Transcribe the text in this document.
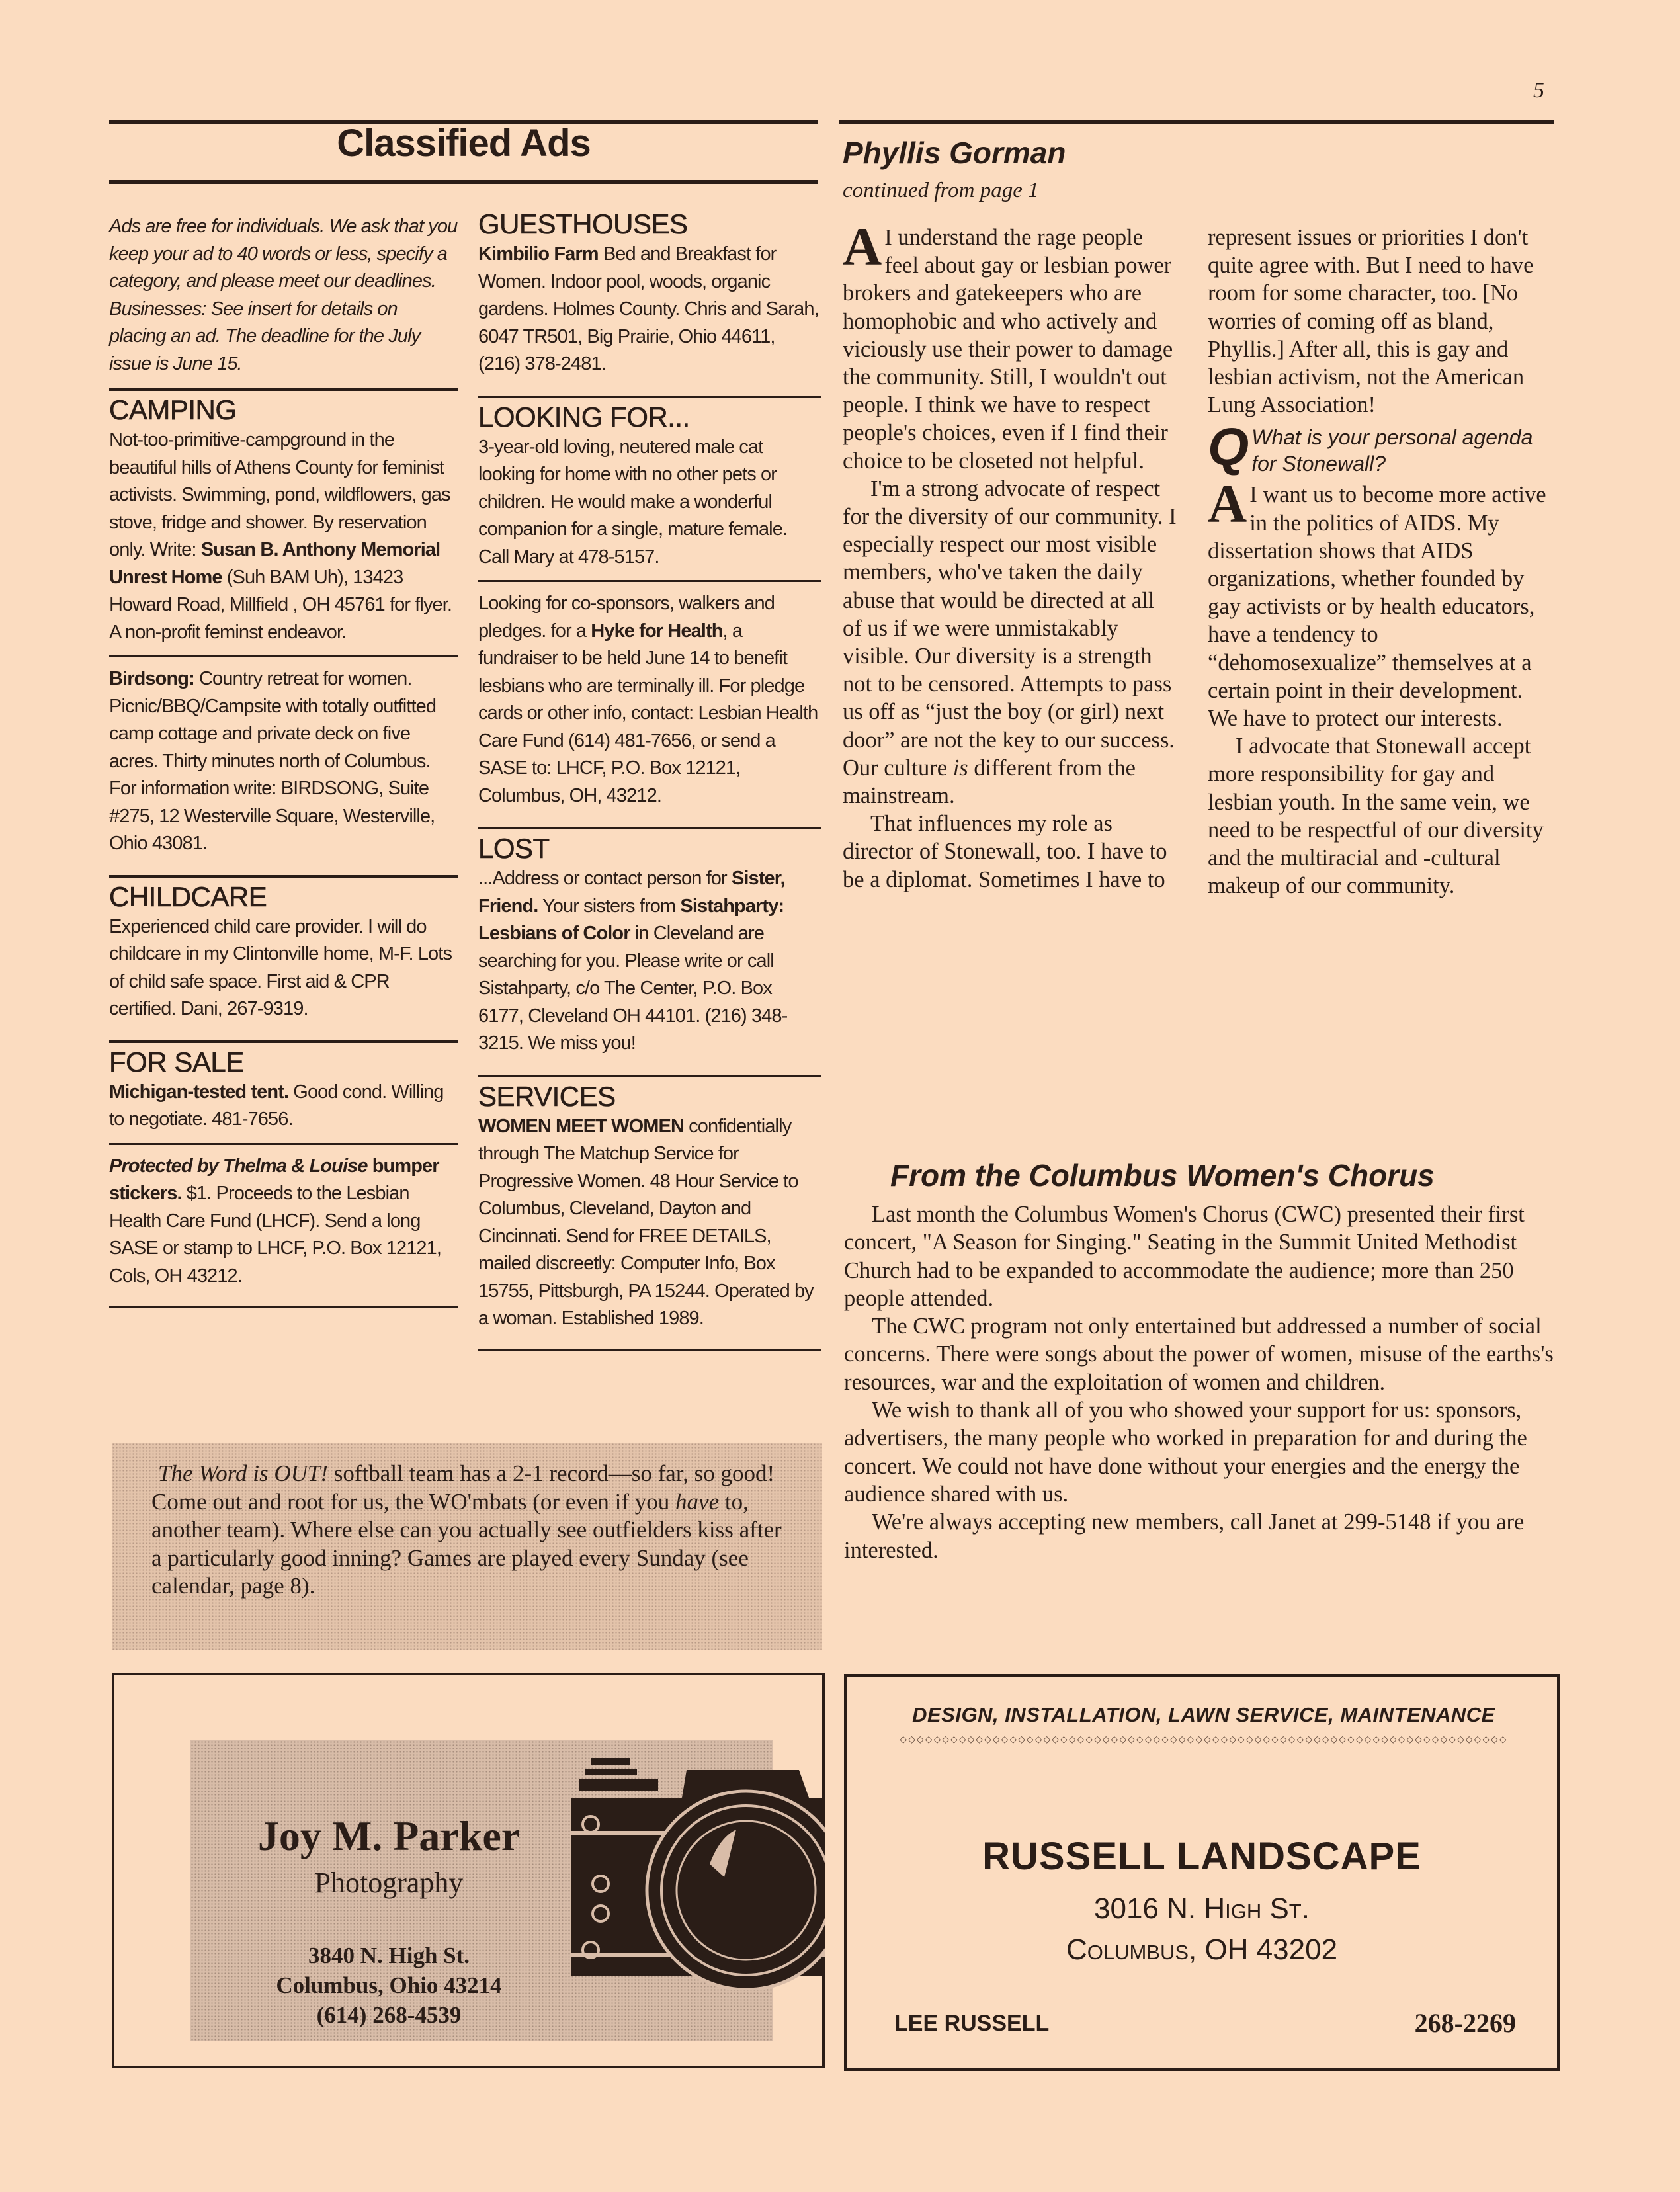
5
Classified Ads

Ads are free for individuals. We ask that you keep your ad to 40 words or less, specify a category, and please meet our deadlines.

Businesses: See insert for details on placing an ad. The deadline for the July issue is June 15.

CAMPING

Not-too-primitive-campground in the beautiful hills of Athens County for feminist activists. Swimming, pond, wildflowers, gas stove, fridge and shower. By reservation only. Write: Susan B. Anthony Memorial Unrest Home (Suh BAM Uh), 13423 Howard Road, Millfield , OH 45761 for flyer. A non-profit feminst endeavor.

Birdsong: Country retreat for women. Picnic/BBQ/Campsite with totally outfitted camp cottage and private deck on five acres. Thirty minutes north of Columbus. For information write: BIRDSONG, Suite #275, 12 Westerville Square, Westerville, Ohio 43081.

CHILDCARE

Experienced child care provider. I will do childcare in my Clintonville home, M-F. Lots of child safe space. First aid & CPR certified. Dani, 267-9319.

FOR SALE

Michigan-tested tent. Good cond. Willing to negotiate. 481-7656.

Protected by Thelma & Louise bumper stickers. $1. Proceeds to the Lesbian Health Care Fund (LHCF). Send a long SASE or stamp to LHCF, P.O. Box 12121, Cols, OH 43212.

GUESTHOUSES

Kimbilio Farm Bed and Breakfast for Women. Indoor pool, woods, organic gardens. Holmes County. Chris and Sarah, 6047 TR501, Big Prairie, Ohio 44611, (216) 378-2481.

LOOKING FOR...

3-year-old loving, neutered male cat looking for home with no other pets or children. He would make a wonderful companion for a single, mature female. Call Mary at 478-5157.

Looking for co-sponsors, walkers and pledges. for a Hyke for Health, a fundraiser to be held June 14 to benefit lesbians who are terminally ill. For pledge cards or other info, contact: Lesbian Health Care Fund (614) 481-7656, or send a SASE to: LHCF, P.O. Box 12121, Columbus, OH, 43212.

LOST

...Address or contact person for Sister, Friend. Your sisters from Sistahparty: Lesbians of Color in Cleveland are searching for you. Please write or call Sistahparty, c/o The Center, P.O. Box 6177, Cleveland OH 44101. (216) 348-3215. We miss you!

SERVICES

WOMEN MEET WOMEN confidentially through The Matchup Service for Progressive Women. 48 Hour Service to Columbus, Cleveland, Dayton and Cincinnati. Send for FREE DETAILS, mailed discreetly: Computer Info, Box 15755, Pittsburgh, PA 15244. Operated by a woman. Established 1989.

The Word is OUT! softball team has a 2-1 record—so far, so good! Come out and root for us, the WO'mbats (or even if you have to, another team). Where else can you actually see outfielders kiss after a particularly good inning? Games are played every Sunday (see calendar, page 8).
Phyllis Gorman
continued from page 1

A I understand the rage people feel about gay or lesbian power brokers and gatekeepers who are homophobic and who actively and viciously use their power to damage the community. Still, I wouldn't out people. I think we have to respect people's choices, even if I find their choice to be closeted not helpful.

I'm a strong advocate of respect for the diversity of our community. I especially respect our most visible members, who've taken the daily abuse that would be directed at all of us if we were unmistakably visible. Our diversity is a strength not to be censored. Attempts to pass us off as “just the boy (or girl) next door” are not the key to our success. Our culture is different from the mainstream.

That influences my role as director of Stonewall, too. I have to be a diplomat. Sometimes I have to

represent issues or priorities I don't quite agree with. But I need to have room for some character, too. [No worries of coming off as bland, Phyllis.] After all, this is gay and lesbian activism, not the American Lung Association!

Q What is your personal agenda for Stonewall?

A I want us to become more active in the politics of AIDS. My dissertation shows that AIDS organizations, whether founded by gay activists or by health educators, have a tendency to “dehomosexualize” themselves at a certain point in their development. We have to protect our interests.

I advocate that Stonewall accept more responsibility for gay and lesbian youth. In the same vein, we need to be respectful of our diversity and the multiracial and -cultural makeup of our community.

From the Columbus Women's Chorus

Last month the Columbus Women's Chorus (CWC) presented their first concert, "A Season for Singing." Seating in the Summit United Methodist Church had to be expanded to accommodate the audience; more than 250 people attended.

The CWC program not only entertained but addressed a number of social concerns. There were songs about the power of women, misuse of the earths's resources, war and the exploitation of women and children.

We wish to thank all of you who showed your support for us: sponsors, advertisers, the many people who worked in preparation for and during the concert. We could not have done without your energies and the energy the audience shared with us.

We're always accepting new members, call Janet at 299-5148 if you are interested.

Joy M. Parker
Photography
3840 N. High St.
Columbus, Ohio 43214
(614) 268-4539
DESIGN, INSTALLATION, LAWN SERVICE, MAINTENANCE
◇◇◇◇◇◇◇◇◇◇◇◇◇◇◇◇◇◇◇◇◇◇◇◇◇◇◇◇◇◇◇◇◇◇◇◇◇◇◇◇◇◇◇◇◇◇◇◇◇◇◇◇◇◇◇◇◇◇◇◇◇◇◇◇◇◇◇◇◇◇◇◇
RUSSELL LANDSCAPE
3016 N. High St.
Columbus, OH 43202
LEE RUSSELL	268-2269
